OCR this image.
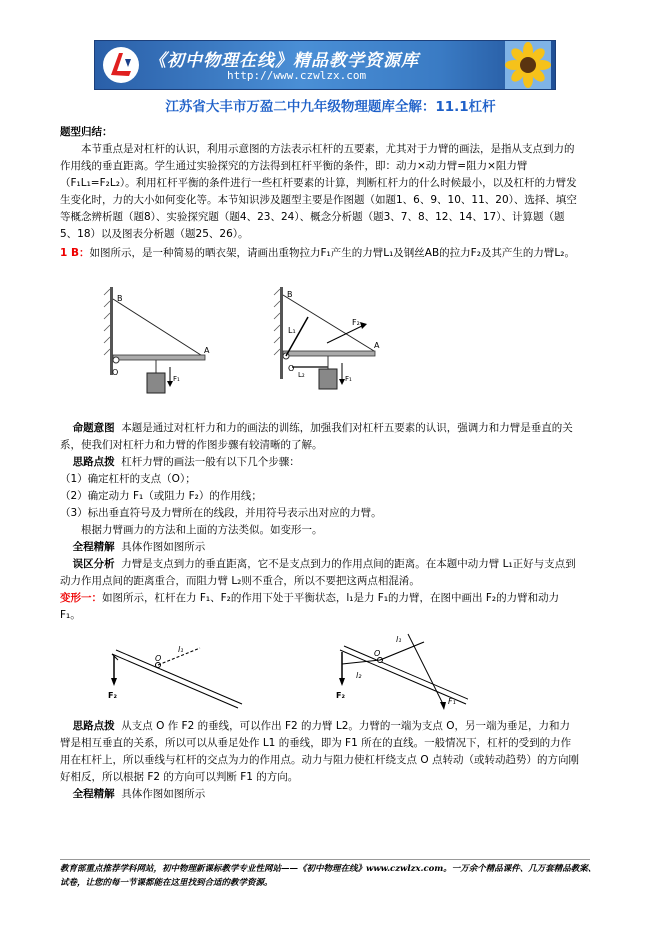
《初中物理在线》精品教学资源库
http://www.czwlzx.com
江苏省大丰市万盈二中九年级物理题库全解：11.1杠杆

题型归结：

本节重点是对杠杆的认识，利用示意图的方法表示杠杆的五要素，尤其对于力臂的画法，是指从支点到力的作用线的垂直距离。学生通过实验探究的方法得到杠杆平衡的条件，即：动力×动力臂=阻力×阻力臂（F₁L₁=F₂L₂）。利用杠杆平衡的条件进行一些杠杆要素的计算，判断杠杆力的什么时候最小，以及杠杆的力臂发生变化时，力的大小如何变化等。本节知识涉及题型主要是作图题（如题1、6、9、10、11、20）、选择、填空等概念辨析题（题8）、实验探究题（题4、23、24）、概念分析题（题3、7、8、12、14、17）、计算题（题5、18）以及图表分析题（题25、26）。

1 B：如图所示，是一种简易的晒衣架，请画出重物拉力F₁产生的力臂L₁及钢丝AB的拉力F₂及其产生的力臂L₂。

B
A
O
F₁
B
A
O
L₁
L₂
F₂
F₁

命题意图 本题是通过对杠杆力和力的画法的训练，加强我们对杠杆五要素的认识，强调力和力臂是垂直的关系，使我们对杠杆力和力臂的作图步骤有较清晰的了解。

思路点拨 杠杆力臂的画法一般有以下几个步骤：

（1）确定杠杆的支点（O）；

（2）确定动力 F₁（或阻力 F₂）的作用线；

（3）标出垂直符号及力臂所在的线段，并用符号表示出对应的力臂。

根据力臂画力的方法和上面的方法类似。如变形一。

全程精解 具体作图如图所示

误区分析 力臂是支点到力的垂直距离，它不是支点到力的作用点间的距离。在本题中动力臂 L₁正好与支点到动力作用点间的距离重合，而阻力臂 L₂则不重合，所以不要把这两点相混淆。

变形一：如图所示，杠杆在力 F₁、F₂的作用下处于平衡状态，l₁是力 F₁的力臂，在图中画出 F₂的力臂和动力 F₁。

O
l₁
F₂
O
l₁
l₂
F₂
F₁

思路点拨 从支点 O 作 F2 的垂线，可以作出 F2 的力臂 L2。力臂的一端为支点 O，另一端为垂足，力和力臂是相互垂直的关系，所以可以从垂足处作 L1 的垂线，即为 F1 所在的直线。一般情况下，杠杆的受到的力作用在杠杆上，所以垂线与杠杆的交点为力的作用点。动力与阻力使杠杆绕支点 O 点转动（或转动趋势）的方向刚好相反，所以根据 F2 的方向可以判断 F1 的方向。

全程精解 具体作图如图所示

教育部重点推荐学科网站，初中物理新课标教学专业性网站——《初中物理在线》www.czwlzx.com。一万余个精品课件、几万套精品教案、试卷，让您的每一节课都能在这里找到合适的教学资源。
